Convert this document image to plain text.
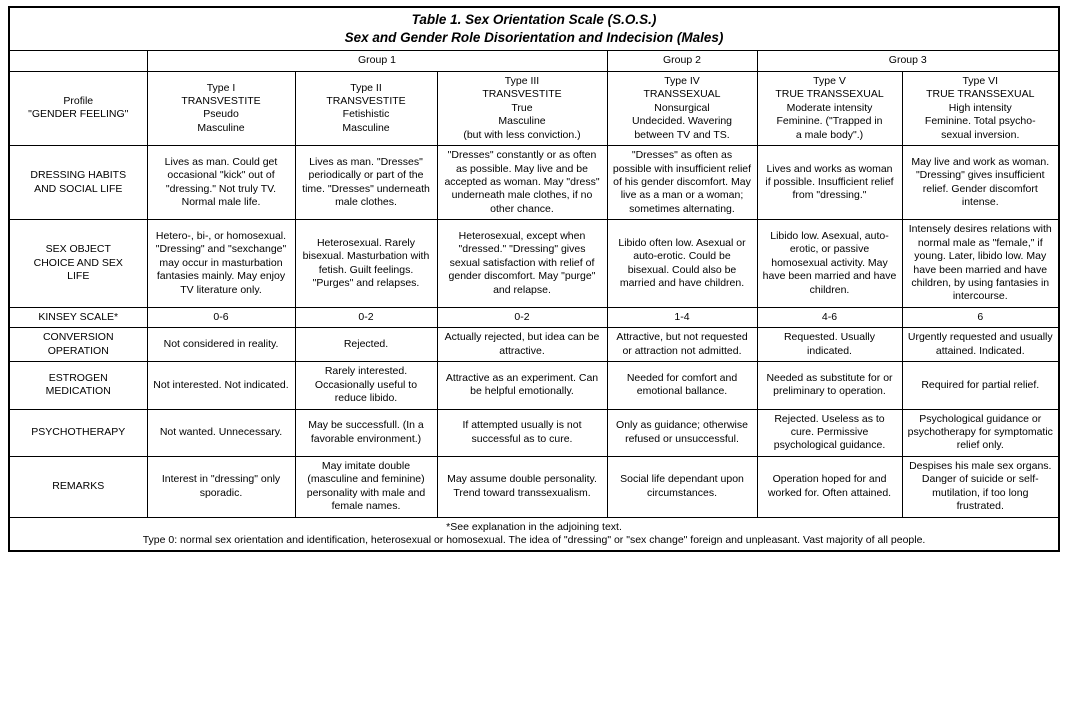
Table 1. Sex Orientation Scale (S.O.S.)
Sex and Gender Role Disorientation and Indecision (Males)						

	Group 1			Group 2	Group 3	

Profile
"GENDER FEELING"	Type I
TRANSVESTITE
Pseudo
Masculine	Type II
TRANSVESTITE
Fetishistic
Masculine	Type III
TRANSVESTITE
True
Masculine
(but with less conviction.)	Type IV
TRANSSEXUAL
Nonsurgical
Undecided. Wavering
between TV and TS.	Type V
TRUE TRANSSEXUAL
Moderate intensity
Feminine. ("Trapped in
a male body".)	Type VI
TRUE TRANSSEXUAL
High intensity
Feminine. Total psycho-
sexual inversion.

DRESSING HABITS
AND SOCIAL LIFE	Lives as man. Could get occasional "kick" out of "dressing." Not truly TV. Normal male life.	Lives as man. "Dresses" periodically or part of the time. "Dresses" underneath male clothes.	"Dresses" constantly or as often as possible. May live and be accepted as woman. May "dress" underneath male clothes, if no other chance.	"Dresses" as often as possible with insufficient relief of his gender discomfort. May live as a man or a woman; sometimes alternating.	Lives and works as woman if possible. Insufficient relief from "dressing."	May live and work as woman. "Dressing" gives insufficient relief. Gender discomfort intense.
SEX OBJECT
CHOICE AND SEX
LIFE	Hetero-, bi-, or homosexual. "Dressing" and "sexchange" may occur in masturbation fantasies mainly. May enjoy TV literature only.	Heterosexual. Rarely bisexual. Masturbation with fetish. Guilt feelings. "Purges" and relapses.	Heterosexual, except when "dressed." "Dressing" gives sexual satisfaction with relief of gender discomfort. May "purge" and relapse.	Libido often low. Asexual or auto-erotic. Could be bisexual. Could also be married and have children.	Libido low. Asexual, auto-erotic, or passive homosexual activity. May have been married and have children.	Intensely desires relations with normal male as "female," if young. Later, libido low. May have been married and have children, by using fantasies in intercourse.
KINSEY SCALE*	0-6	0-2	0-2	1-4	4-6	6
CONVERSION
OPERATION	Not considered in reality.	Rejected.	Actually rejected, but idea can be attractive.	Attractive, but not requested or attraction not admitted.	Requested. Usually indicated.	Urgently requested and usually attained. Indicated.
ESTROGEN
MEDICATION	Not interested. Not indicated.	Rarely interested. Occasionally useful to reduce libido.	Attractive as an experiment. Can be helpful emotionally.	Needed for comfort and emotional ballance.	Needed as substitute for or preliminary to operation.	Required for partial relief.
PSYCHOTHERAPY	Not wanted. Unnecessary.	May be successfull. (In a favorable environment.)	If attempted usually is not successful as to cure.	Only as guidance; otherwise refused or unsuccessful.	Rejected. Useless as to cure. Permissive psychological guidance.	Psychological guidance or psychotherapy for symptomatic relief only.
REMARKS	Interest in "dressing" only sporadic.	May imitate double (masculine and feminine) personality with male and female names.	May assume double personality. Trend toward transsexualism.	Social life dependant upon circumstances.	Operation hoped for and worked for. Often attained.	Despises his male sex organs. Danger of suicide or self-mutilation, if too long frustrated.

*See explanation in the adjoining text.
Type 0: normal sex orientation and identification, heterosexual or homosexual. The idea of "dressing" or "sex change" foreign and unpleasant. Vast majority of all people.						
